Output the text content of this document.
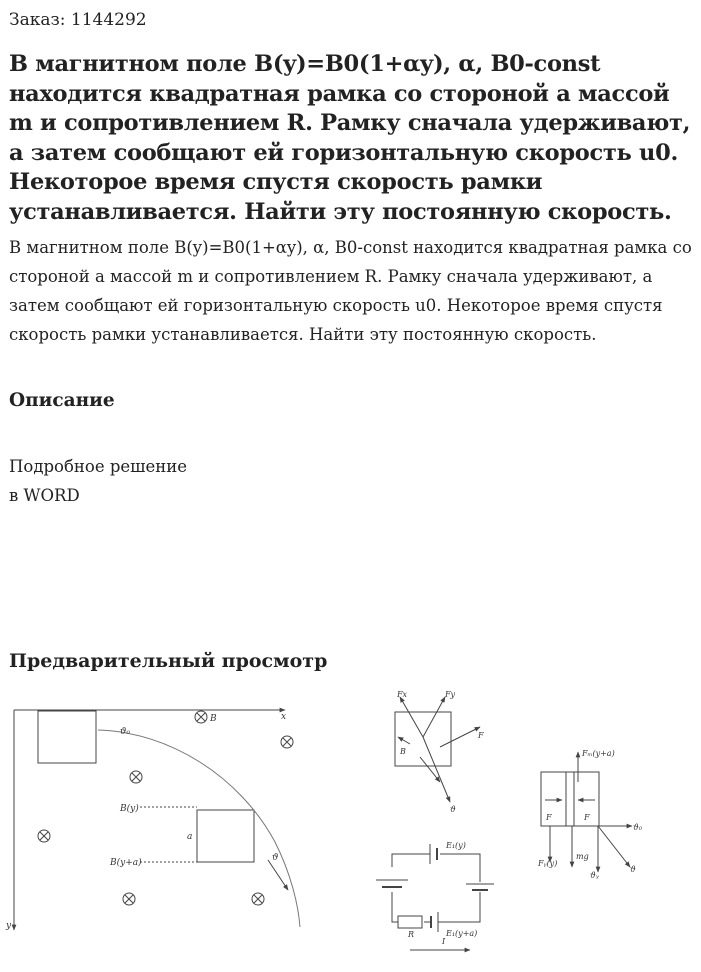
Заказ: 1144292
В магнитном поле B(y)=B0(1+αy), α, B0-const находится квадратная рамка со стороной а массой m и сопротивлением R. Рамку сначала удерживают, а затем сообщают ей горизонтальную скорость u0. Некоторое время спустя скорость рамки устанавливается. Найти эту постоянную скорость.

В магнитном поле B(y)=B0(1+αy), α, B0-const находится квадратная рамка со стороной а массой m и сопротивлением R. Рамку сначала удерживают, а затем сообщают ей горизонтальную скорость u0. Некоторое время спустя скорость рамки устанавливается. Найти эту постоянную скорость.

Описание
Подробное решение
в WORD
Предварительный просмотр
x
y
B
ϑ₀
ϑ
a
B(y)
B(y+a)
Fx	Fy
F
ϑ
B
E₁(y)
E₁(y+a)
R
I
Fₘ(y+a)
Fᵧ(y)
F	F
mg
ϑ₀
ϑᵧ
ϑ
